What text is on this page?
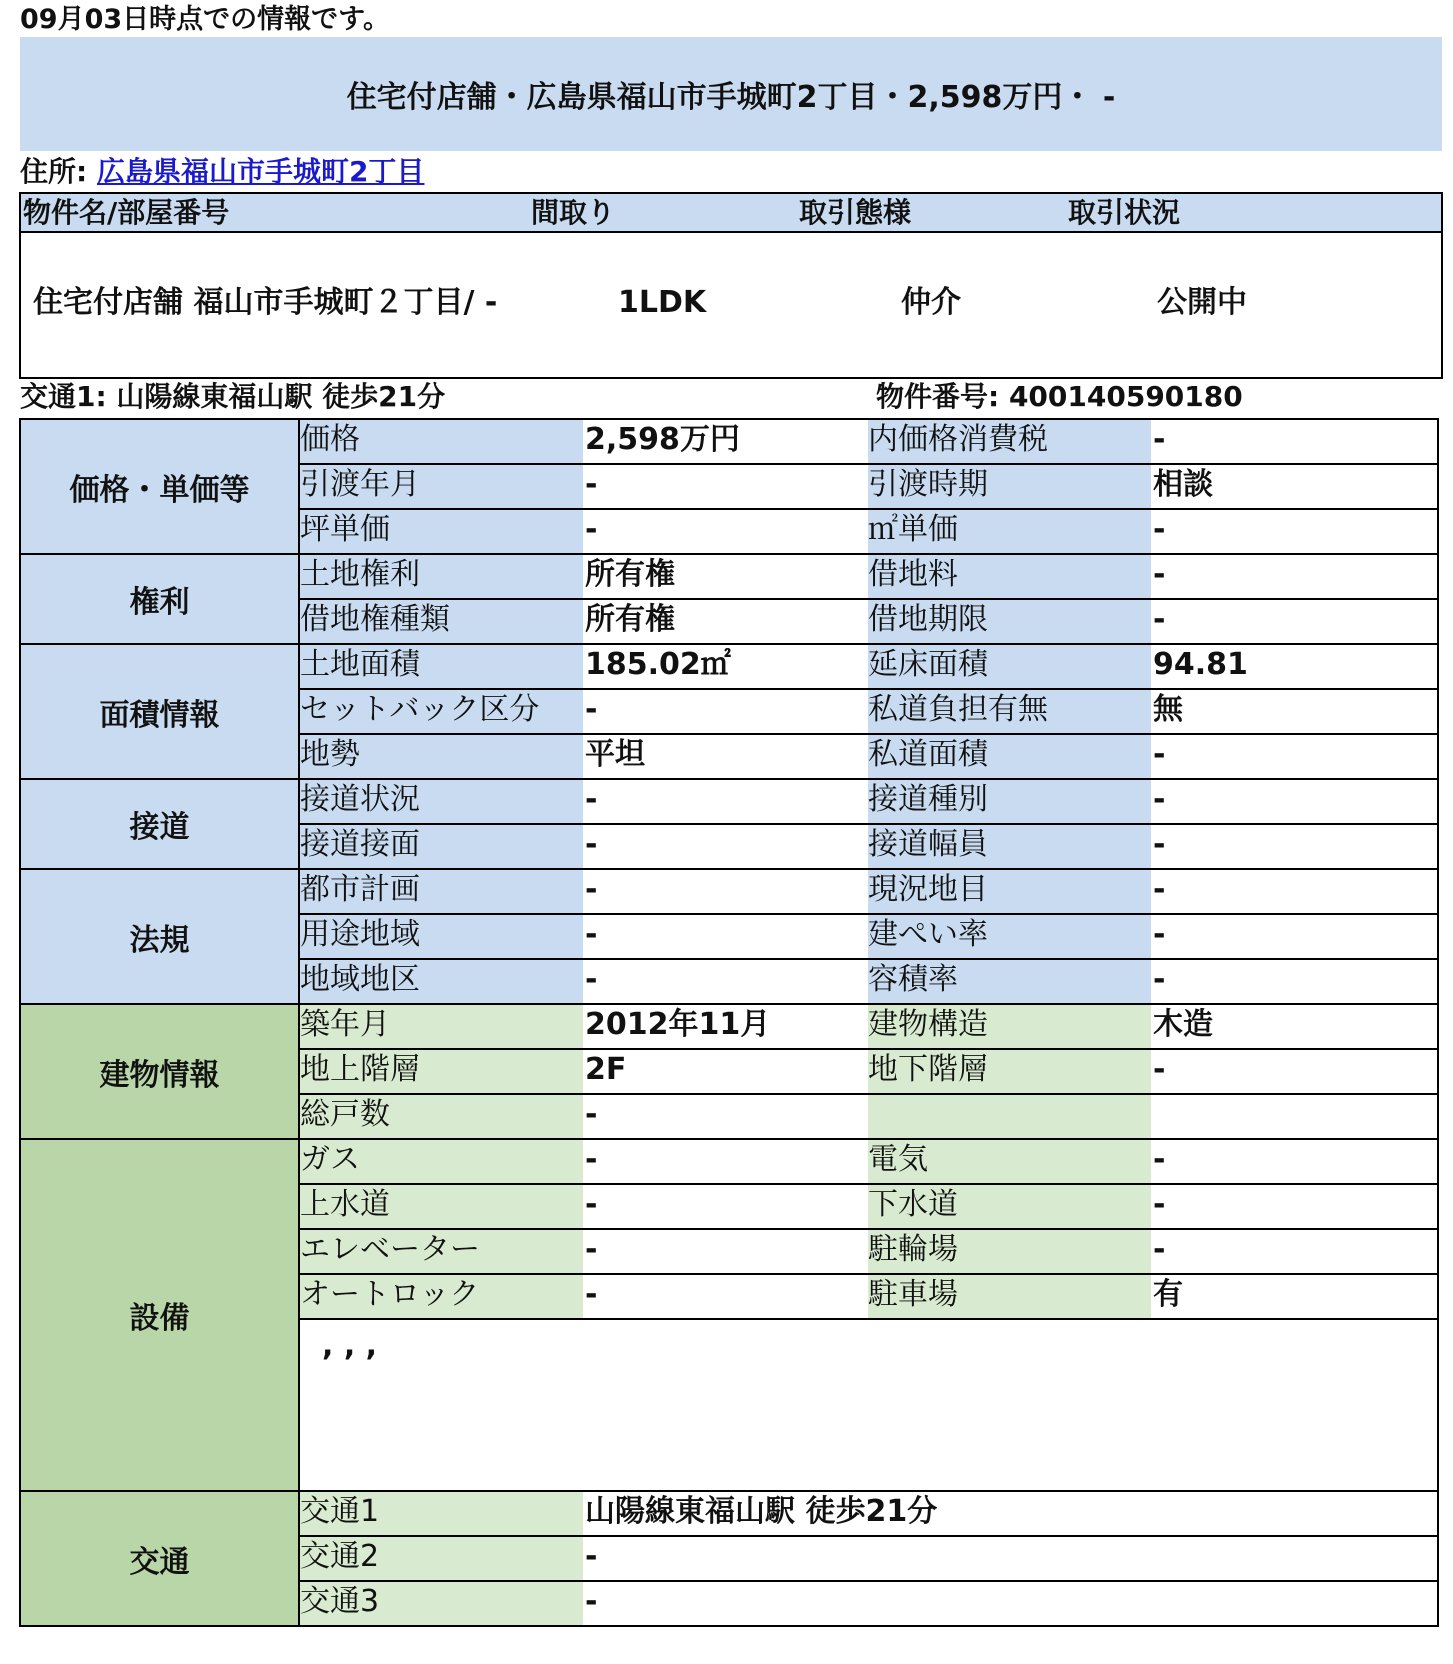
09月03日時点での情報です。
住宅付店舗・広島県福山市手城町2丁目・2,598万円・ -
住所: 広島県福山市手城町2丁目
物件名/部屋番号	間取り	取引態様	取引状況
住宅付店舗 福山市手城町２丁目/ -	1LDK	仲介	公開中
交通1: 山陽線東福山駅 徒歩21分	物件番号: 400140590180
価格	2,598万円	内価格消費税	-
引渡年月	-	引渡時期	相談
坪単価	-	㎡単価	-
価格・単価等
土地権利	所有権	借地料	-
借地権種類	所有権	借地期限	-
権利
土地面積	185.02㎡	延床面積	94.81
セットバック区分	-	私道負担有無	無
地勢	平坦	私道面積	-
面積情報
接道状況	-	接道種別	-
接道接面	-	接道幅員	-
接道
都市計画	-	現況地目	-
用途地域	-	建ぺい率	-
地域地区	-	容積率	-
法規
築年月	2012年11月	建物構造	木造
地上階層	2F	地下階層	-
総戸数	-
建物情報
ガス	-	電気	-
上水道	-	下水道	-
エレベーター	-	駐輪場	-
オートロック	-	駐車場	有
, , ,
設備
交通1	山陽線東福山駅 徒歩21分
交通2	-
交通3	-
交通
